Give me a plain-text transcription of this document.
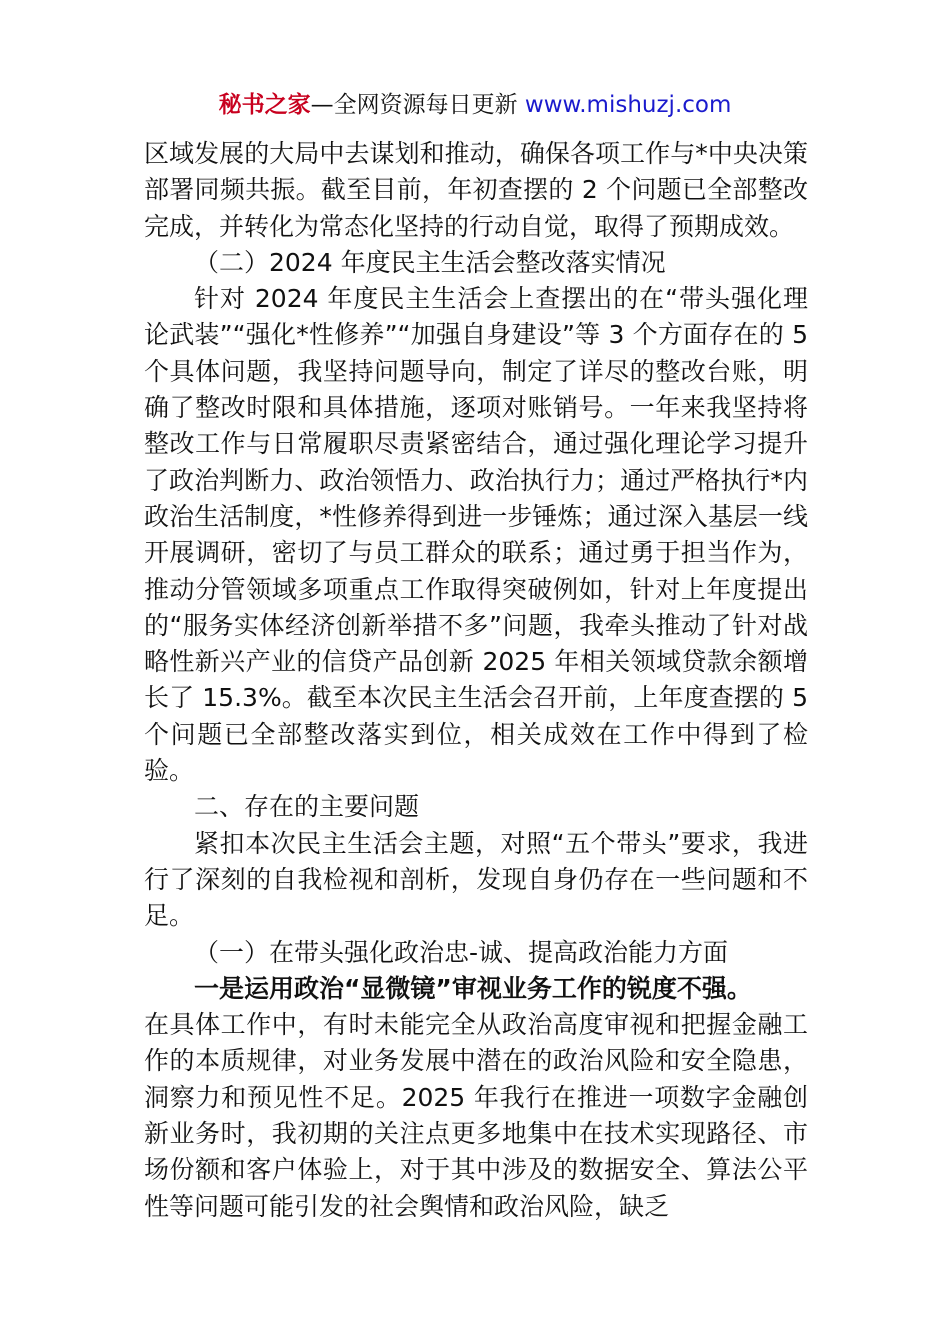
秘书之家—全网资源每日更新 www.mishuzj.com

区域发展的大局中去谋划和推动，确保各项工作与*中央决策部署同频共振。截至目前，年初查摆的 2 个问题已全部整改完成，并转化为常态化坚持的行动自觉，取得了预期成效。

（二）2024 年度民主生活会整改落实情况

针对 2024 年度民主生活会上查摆出的在“带头强化理论武装”“强化*性修养”“加强自身建设”等 3 个方面存在的 5 个具体问题，我坚持问题导向，制定了详尽的整改台账，明确了整改时限和具体措施，逐项对账销号。一年来我坚持将整改工作与日常履职尽责紧密结合，通过强化理论学习提升了政治判断力、政治领悟力、政治执行力；通过严格执行*内政治生活制度，*性修养得到进一步锤炼；通过深入基层一线开展调研，密切了与员工群众的联系；通过勇于担当作为，推动分管领域多项重点工作取得突破例如，针对上年度提出的“服务实体经济创新举措不多”问题，我牵头推动了针对战略性新兴产业的信贷产品创新 2025 年相关领域贷款余额增长了 15.3%。截至本次民主生活会召开前，上年度查摆的 5 个问题已全部整改落实到位，相关成效在工作中得到了检验。

二、存在的主要问题

紧扣本次民主生活会主题，对照“五个带头”要求，我进行了深刻的自我检视和剖析，发现自身仍存在一些问题和不足。

（一）在带头强化政治忠-诚、提高政治能力方面

一是运用政治“显微镜”审视业务工作的锐度不强。

在具体工作中，有时未能完全从政治高度审视和把握金融工作的本质规律，对业务发展中潜在的政治风险和安全隐患，洞察力和预见性不足。2025 年我行在推进一项数字金融创新业务时，我初期的关注点更多地集中在技术实现路径、市场份额和客户体验上，对于其中涉及的数据安全、算法公平性等问题可能引发的社会舆情和政治风险，缺乏
